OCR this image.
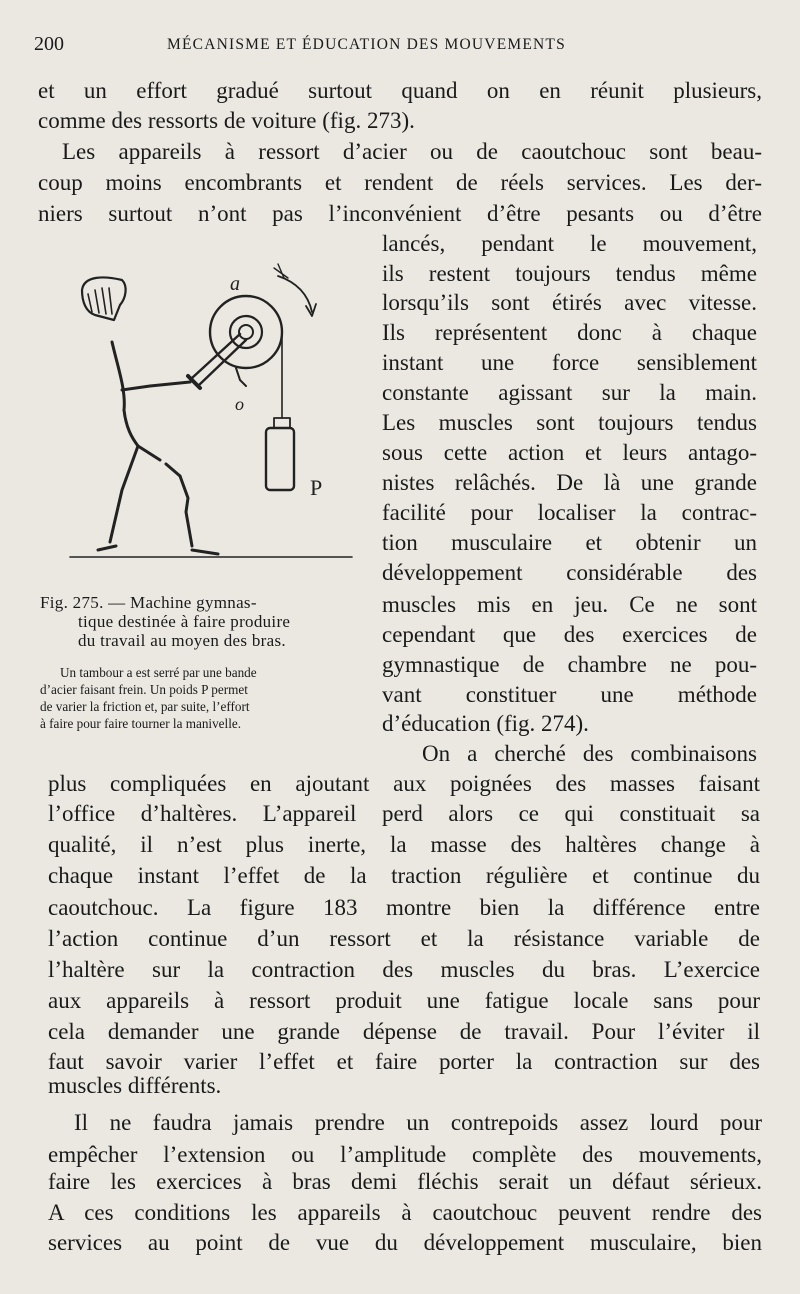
200	MÉCANISME ET ÉDUCATION DES MOUVEMENTS
et un effort gradué surtout quand on en réunit plusieurs,
comme des ressorts de voiture (fig. 273).
Les appareils à ressort d’acier ou de caoutchouc sont beau-
coup moins encombrants et rendent de réels services. Les der-
niers surtout n’ont pas l’inconvénient d’être pesants ou d’être
lancés, pendant le mouvement,
ils restent toujours tendus même
lorsqu’ils sont étirés avec vitesse.
Ils représentent donc à chaque
instant une force sensiblement
constante agissant sur la main.
Les muscles sont toujours tendus
sous cette action et leurs antago-
nistes relâchés. De là une grande
facilité pour localiser la contrac-
tion musculaire et obtenir un
développement considérable des
muscles mis en jeu. Ce ne sont
cependant que des exercices de
gymnastique de chambre ne pou-
vant constituer une méthode
d’éducation (fig. 274).
On a cherché des combinaisons
plus compliquées en ajoutant aux poignées des masses faisant
l’office d’haltères. L’appareil perd alors ce qui constituait sa
qualité, il n’est plus inerte, la masse des haltères change à
chaque instant l’effet de la traction régulière et continue du
caoutchouc. La figure 183 montre bien la différence entre
l’action continue d’un ressort et la résistance variable de
l’haltère sur la contraction des muscles du bras. L’exercice
aux appareils à ressort produit une fatigue locale sans pour
cela demander une grande dépense de travail. Pour l’éviter il
faut savoir varier l’effet et faire porter la contraction sur des
muscles différents.
Il ne faudra jamais prendre un contrepoids assez lourd pour
empêcher l’extension ou l’amplitude complète des mouvements,
faire les exercices à bras demi fléchis serait un défaut sérieux.
A ces conditions les appareils à caoutchouc peuvent rendre des
services au point de vue du développement musculaire, bien
a
o
P
Fig. 275. — Machine gymnas-
tique destinée à faire produire
du travail au moyen des bras.
Un tambour a est serré par une bande
d’acier faisant frein. Un poids P permet
de varier la friction et, par suite, l’effort
à faire pour faire tourner la manivelle.
